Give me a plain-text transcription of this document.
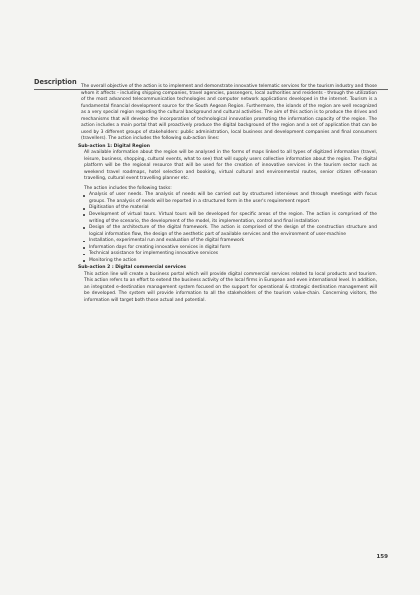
Description

The overall objective of the action is to implement and demonstrate innovative telematic services for the tourism industry and those whom it affects - including shipping companies, travel agencies, passengers, local authorities and residents - through the utilization of the most advanced telecommunication technologies and computer network applications developed in the internet. Tourism is a fundamental financial development source for the South Aegean Region. Furthermore, the islands of the region are well recognized as a very special region regarding the cultural background and cultural activities. The aim of this action is to produce the drives and mechanisms that will develop the incorporation of technological innovation promoting the information capacity of the region. The action includes a main portal that will proactively produce the digital background of the region and a set of application that can be used by 3 different groups of stakeholders: public administration, local business and development companies and final consumers (travellers). The action includes the following sub-action lines:

Sub-action 1: Digital Region

All available information about the region will be analysed in the forms of maps linked to all types of digitized information (travel, leisure, business, shopping, cultural events, what to see) that will supply users collective information about the region. The digital platform will be the regional resource that will be used for the creation of innovative services in the tourism sector such as weekend travel roadmaps, hotel selection and booking, virtual cultural and environmental routes, senior citizen off-season travelling, cultural event travelling planner etc.

The action includes the following tasks:

Analysis of user needs. The analysis of needs will be carried out by structured interviews and through meetings with focus groups. The analysis of needs will be reported in a structured form in the user's requirement report
Digitisation of the material
Development of virtual tours. Virtual tours will be developed for specific areas of the region. The action is comprised of the writing of the scenario, the development of the model, its implementation, control and final installation
Design of the architecture of the digital framework. The action is comprised of the design of the construction structure and logical information flow, the design of the aesthetic part of available services and the environment of user-machine
Installation, experimental run and evaluation of the digital framework
Information days for creating innovative services in digital form
Technical assistance for implementing innovative services
Monitoring the action

Sub-action 2 : Digital commercial services

This action line will create a business portal which will provide digital commercial services related to local products and tourism. This action refers to an effort to extend the business activity of the local firms in European and even international level. In addition, an integrated e-destination management system focused on the support for operational & strategic destination management will be developed. The system will provide information to all the stakeholders of the tourism value-chain. Concerning visitors, the information will target both those actual and potential.

159
